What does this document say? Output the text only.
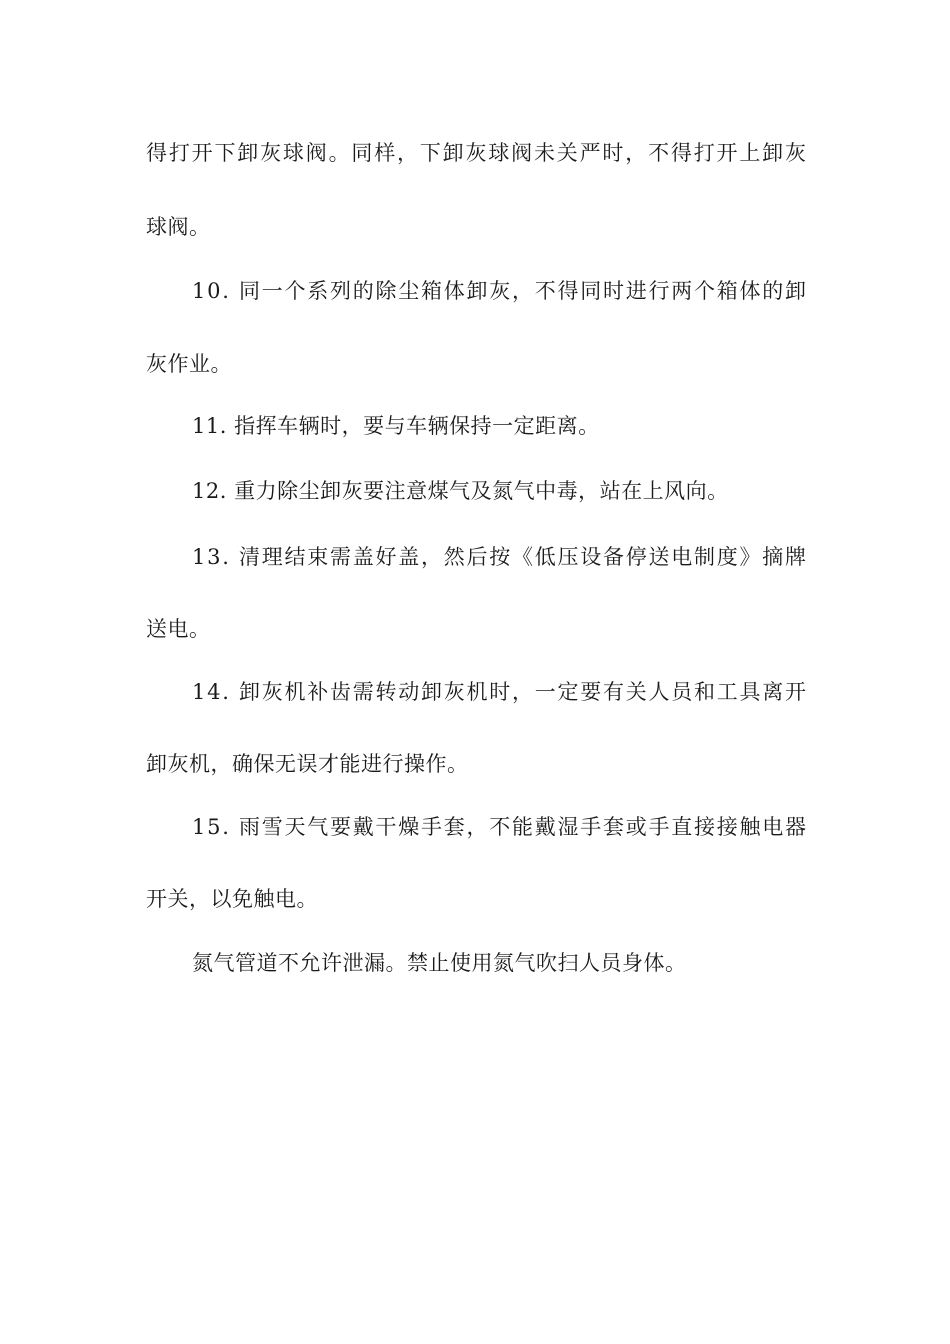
得打开下卸灰球阀。同样，下卸灰球阀未关严时，不得打开上卸灰
球阀。
10. 同一个系列的除尘箱体卸灰，不得同时进行两个箱体的卸
灰作业。
11. 指挥车辆时，要与车辆保持一定距离。
12. 重力除尘卸灰要注意煤气及氮气中毒，站在上风向。
13. 清理结束需盖好盖，然后按《低压设备停送电制度》摘牌
送电。
14. 卸灰机补齿需转动卸灰机时，一定要有关人员和工具离开
卸灰机，确保无误才能进行操作。
15. 雨雪天气要戴干燥手套，不能戴湿手套或手直接接触电器
开关，以免触电。
氮气管道不允许泄漏。禁止使用氮气吹扫人员身体。
